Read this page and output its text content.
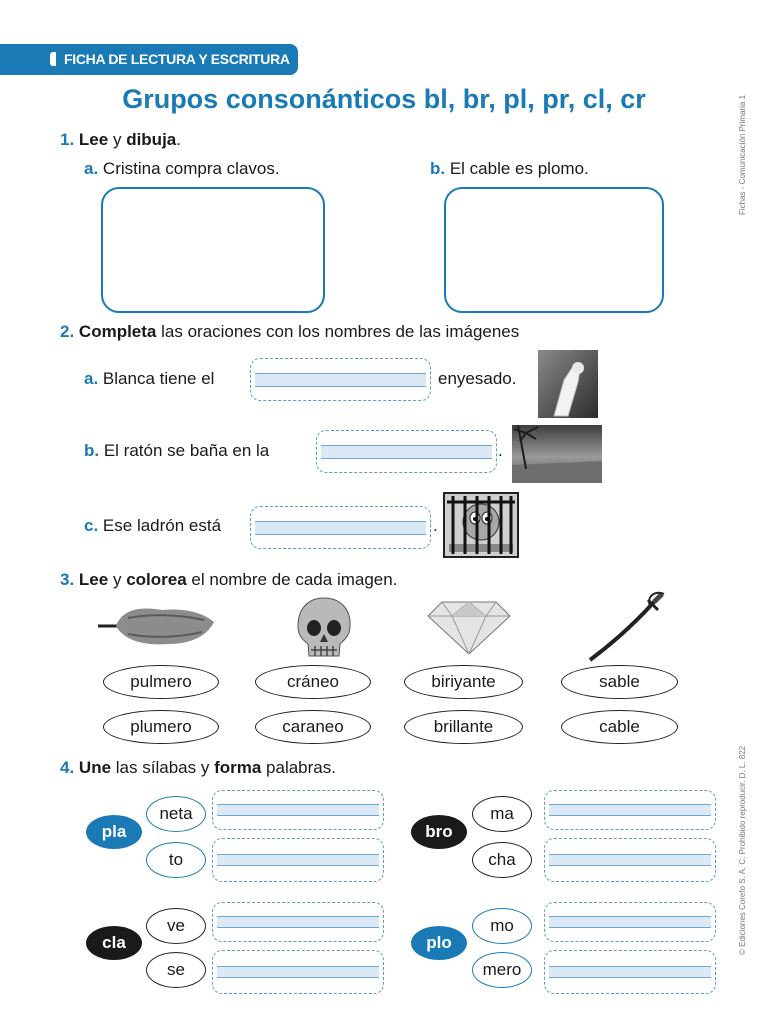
FICHA DE LECTURA Y ESCRITURA
Grupos consonánticos bl, br, pl, pr, cl, cr	Fichas - Comunicación Primaria 1
© Ediciones Corefo S. A. C. Prohibido reproducir. D. L. 822
1. Lee y dibuja.
a. Cristina compra clavos.	b. El cable es plomo.
2. Completa las oraciones con los nombres de las imágenes
a. Blanca tiene el	enyesado.
b. El ratón se baña en la	.
c. Ese ladrón está	.
3. Lee y colorea el nombre de cada imagen.
pulmero	cráneo	biriyante	sable
plumero	caraneo	brillante	cable
4. Une las sílabas y forma palabras.
pla
neta
to
bro
ma
cha
cla
ve
se
plo
mo
mero
